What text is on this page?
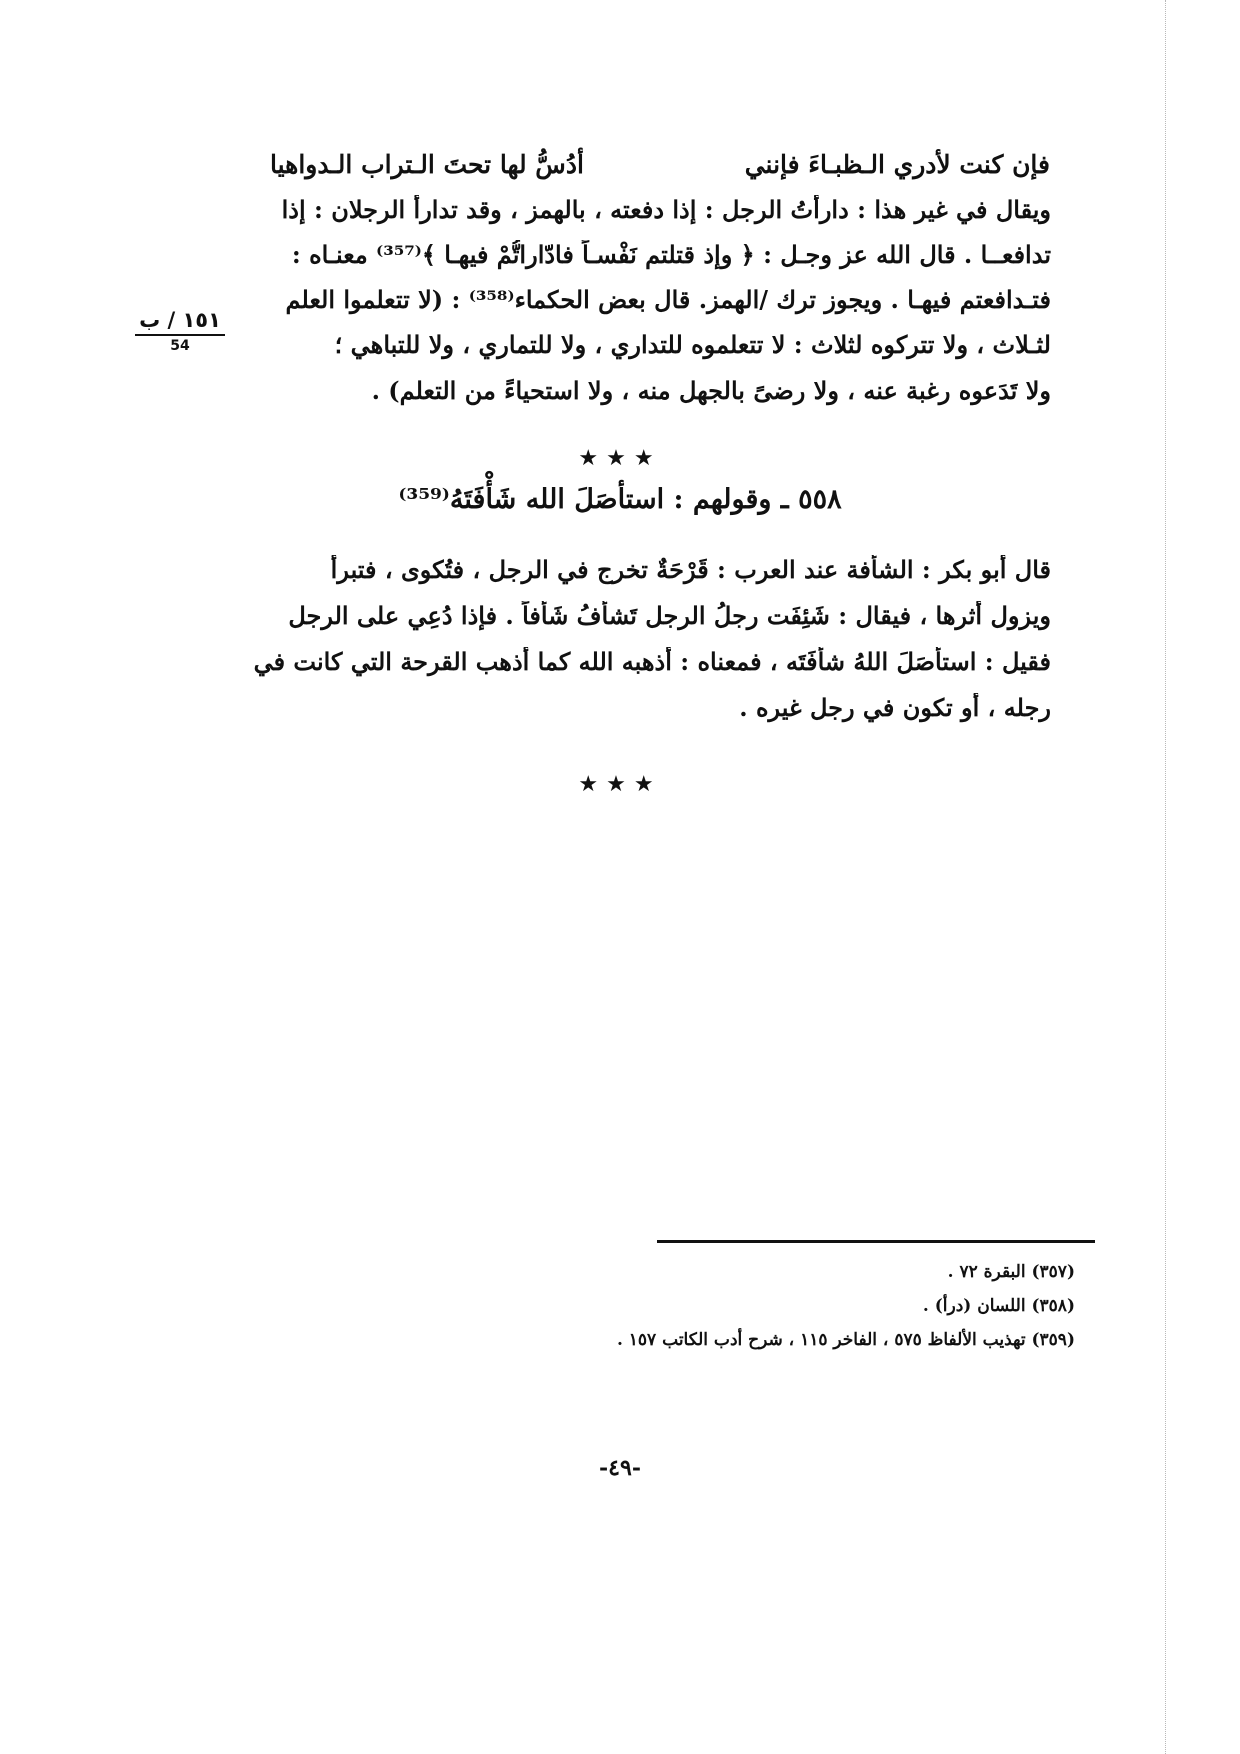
فإن كنت لأدري الـظبـاءَ فإنني
أدُسُّ لها تحتَ الـتراب الـدواهيا
ويقال في غير هذا : دارأْتُ الرجل : إذا دفعته ، بالهمز ، وقد تدارأَ الرجلان : إذا
تدافعــا . قال الله عز وجـل : ﴿ وإذ قتلتم نَفْسـاً فادّاراتُّمْ فيهـا ﴾⁽³⁵⁷⁾ معنـاه :
فتـدافعتم فيهـا . ويجوز ترك /الهمز. قال بعض الحكماء⁽³⁵⁸⁾ : (لا تتعلموا العلم
لثـلاث ، ولا تتركوه لثلاث : لا تتعلموه للتداري ، ولا للتماري ، ولا للتباهي ؛
ولا تَدَعوه رغبة عنه ، ولا رضىً بالجهل منه ، ولا استحياءً من التعلم) .
١٥١ / ب
54
★★★
٥٥٨ ـ وقولهم : استأصَلَ الله شَأْفَتَهُ⁽³⁵⁹⁾
قال أبو بكر : الشأفة عند العرب : قَرْحَةٌ تخرج في الرجل ، فتُكوى ، فتبرأ
ويزول أثرها ، فيقال : شَئِفَت رجلُ الرجل تَشأفُ شَأْفاً . فإذا دُعِي على الرجل
فقيل : استأصَلَ اللهُ شأفَتَه ، فمعناه : أذهبه الله كما أذهب القرحة التي كانت في
رجله ، أو تكون في رجل غيره .
★★★
(٣٥٧) البقرة ٧٢ .
(٣٥٨) اللسان (درأ) .
(٣٥٩) تهذيب الألفاظ ٥٧٥ ، الفاخر ١١٥ ، شرح أدب الكاتب ١٥٧ .
-٤٩-
